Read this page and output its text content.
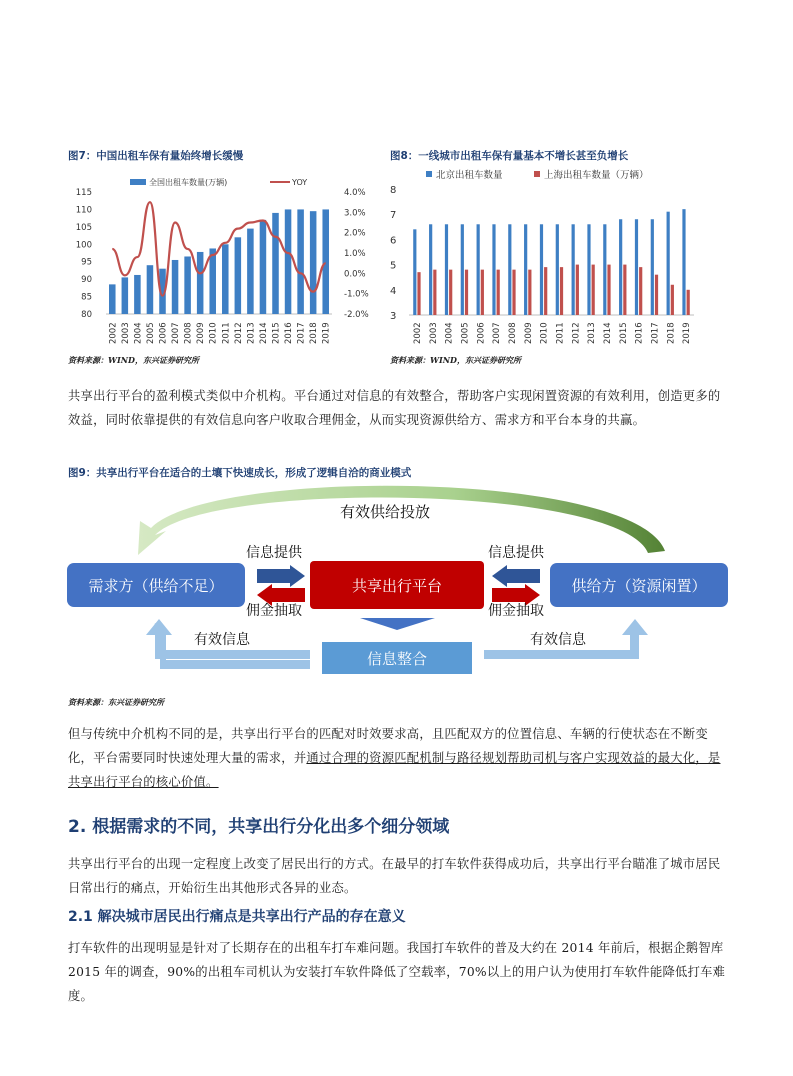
图7：中国出租车保有量始终增长缓慢
全国出租车数量(万辆)	YOY
80
85
90
95
100
105
110
115
-2.0%
-1.0%
0.0%
1.0%
2.0%
3.0%
4.0%
2002 2003 2004 2005 2006 2007 2008 2009 2010 2011 2012 2013 2014 2015 2016 2017 2018 2019
资料来源：WIND，东兴证券研究所
图8：一线城市出租车保有量基本不增长甚至负增长
北京出租车数量	上海出租车数量（万辆）
3
4
5
6
7
8
2002 2003 2004 2005 2006 2007 2008 2009 2010 2011 2012 2013 2014 2015 2016 2017 2018 2019
资料来源：WIND，东兴证券研究所

共享出行平台的盈利模式类似中介机构。平台通过对信息的有效整合，帮助客户实现闲置资源的有效利用，创造更多的效益，同时依靠提供的有效信息向客户收取合理佣金，从而实现资源供给方、需求方和平台本身的共赢。

图9：共享出行平台在适合的土壤下快速成长，形成了逻辑自洽的商业模式
有效供给投放
需求方（供给不足）	共享出行平台	供给方（资源闲置）
信息提供
佣金抽取
信息提供
佣金抽取
信息整合
有效信息	有效信息
资料来源：东兴证券研究所

但与传统中介机构不同的是，共享出行平台的匹配对时效要求高，且匹配双方的位置信息、车辆的行使状态在不断变化，平台需要同时快速处理大量的需求，并通过合理的资源匹配机制与路径规划帮助司机与客户实现效益的最大化，是共享出行平台的核心价值。

2. 根据需求的不同，共享出行分化出多个细分领域

共享出行平台的出现一定程度上改变了居民出行的方式。在最早的打车软件获得成功后，共享出行平台瞄准了城市居民日常出行的痛点，开始衍生出其他形式各异的业态。

2.1 解决城市居民出行痛点是共享出行产品的存在意义

打车软件的出现明显是针对了长期存在的出租车打车难问题。我国打车软件的普及大约在 2014 年前后，根据企鹅智库 2015 年的调查，90%的出租车司机认为安装打车软件降低了空载率，70%以上的用户认为使用打车软件能降低打车难度。
